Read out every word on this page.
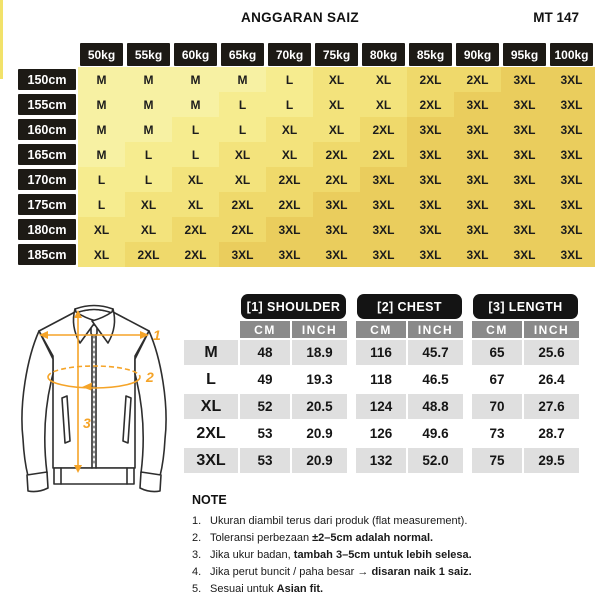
ANGGARAN SAIZ	MT 147
50kg	55kg	60kg	65kg	70kg	75kg	80kg	85kg	90kg	95kg	100kg
150cm	M	M	M	M	L	XL	XL	2XL	2XL	3XL	3XL
155cm	M	M	M	L	L	XL	XL	2XL	3XL	3XL	3XL
160cm	M	M	L	L	XL	XL	2XL	3XL	3XL	3XL	3XL
165cm	M	L	L	XL	XL	2XL	2XL	3XL	3XL	3XL	3XL
170cm	L	L	XL	XL	2XL	2XL	3XL	3XL	3XL	3XL	3XL
175cm	L	XL	XL	2XL	2XL	3XL	3XL	3XL	3XL	3XL	3XL
180cm	XL	XL	2XL	2XL	3XL	3XL	3XL	3XL	3XL	3XL	3XL
185cm	XL	2XL	2XL	3XL	3XL	3XL	3XL	3XL	3XL	3XL	3XL
1
2
3
[1] SHOULDER	[2] CHEST	[3] LENGTH
CM	INCH	CM	INCH	CM	INCH
M	48	18.9	116	45.7	65	25.6
L	49	19.3	118	46.5	67	26.4
XL	52	20.5	124	48.8	70	27.6
2XL	53	20.9	126	49.6	73	28.7
3XL	53	20.9	132	52.0	75	29.5
NOTE
1. Ukuran diambil terus dari produk (flat measurement).
2. Toleransi perbezaan ±2–5cm adalah normal.
3. Jika ukur badan, tambah 3–5cm untuk lebih selesa.
4. Jika perut buncit / paha besar → disaran naik 1 saiz.
5. Sesuai untuk Asian fit.
